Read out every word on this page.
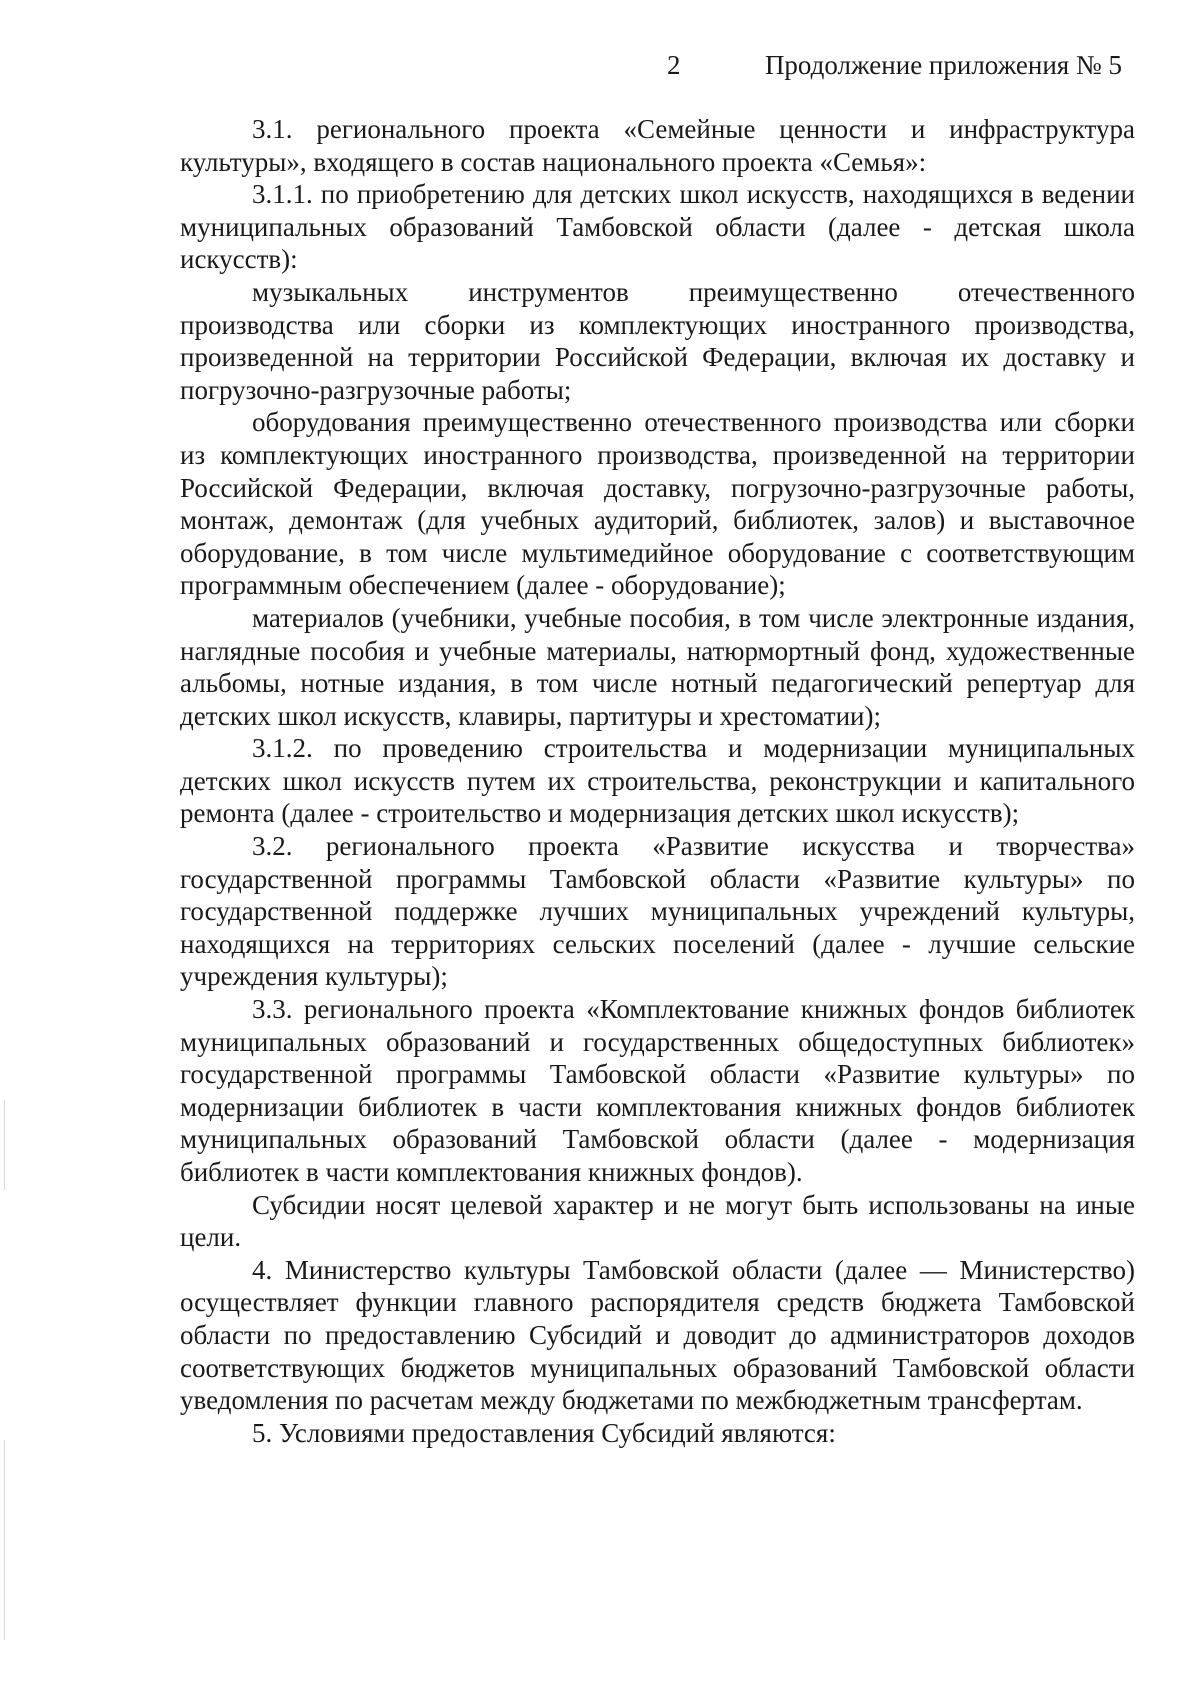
2	Продолжение приложения № 5

3.1. регионального проекта «Семейные ценности и инфраструктура культуры», входящего в состав национального проекта «Семья»:

3.1.1. по приобретению для детских школ искусств, находящихся в ведении муниципальных образований Тамбовской области (далее - детская школа искусств):

музыкальных инструментов преимущественно отечественного производства или сборки из комплектующих иностранного производства, произведенной на территории Российской Федерации, включая их доставку и погрузочно-разгрузочные работы;

оборудования преимущественно отечественного производства или сборки из комплектующих иностранного производства, произведенной на территории Российской Федерации, включая доставку, погрузочно-разгрузочные работы, монтаж, демонтаж (для учебных аудиторий, библиотек, залов) и выставочное оборудование, в том числе мультимедийное оборудование с соответствующим программным обеспечением (далее - оборудование);

материалов (учебники, учебные пособия, в том числе электронные издания, наглядные пособия и учебные материалы, натюрмортный фонд, художественные альбомы, нотные издания, в том числе нотный педагогический репертуар для детских школ искусств, клавиры, партитуры и хрестоматии);

3.1.2. по проведению строительства и модернизации муниципальных детских школ искусств путем их строительства, реконструкции и капитального ремонта (далее - строительство и модернизация детских школ искусств);

3.2. регионального проекта «Развитие искусства и творчества» государственной программы Тамбовской области «Развитие культуры» по государственной поддержке лучших муниципальных учреждений культуры, находящихся на территориях сельских поселений (далее - лучшие сельские учреждения культуры);

3.3. регионального проекта «Комплектование книжных фондов библиотек муниципальных образований и государственных общедоступных библиотек» государственной программы Тамбовской области «Развитие культуры» по модернизации библиотек в части комплектования книжных фондов библиотек муниципальных образований Тамбовской области (далее - модернизация библиотек в части комплектования книжных фондов).

Субсидии носят целевой характер и не могут быть использованы на иные цели.

4. Министерство культуры Тамбовской области (далее — Министерство) осуществляет функции главного распорядителя средств бюджета Тамбовской области по предоставлению Субсидий и доводит до администраторов доходов соответствующих бюджетов муниципальных образований Тамбовской области уведомления по расчетам между бюджетами по межбюджетным трансфертам.

5. Условиями предоставления Субсидий являются:
